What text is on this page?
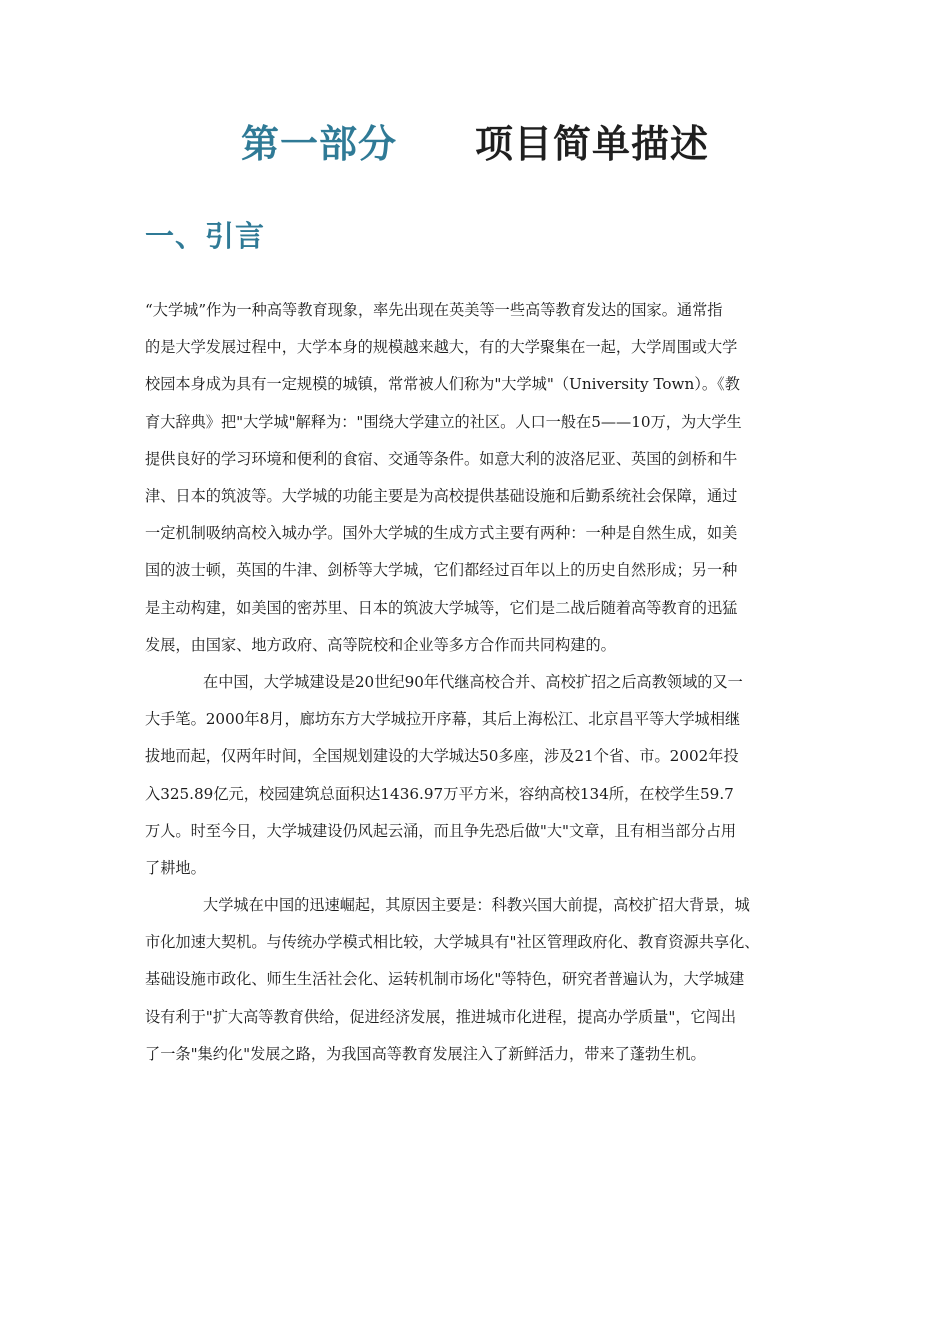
第一部分 项目简单描述
一、引言
“大学城”作为一种高等教育现象，率先出现在英美等一些高等教育发达的国家。通常指
的是大学发展过程中，大学本身的规模越来越大，有的大学聚集在一起，大学周围或大学
校园本身成为具有一定规模的城镇，常常被人们称为"大学城"（University Town）。《教
育大辞典》把"大学城"解释为："围绕大学建立的社区。人口一般在5——10万，为大学生
提供良好的学习环境和便利的食宿、交通等条件。如意大利的波洛尼亚、英国的剑桥和牛
津、日本的筑波等。大学城的功能主要是为高校提供基础设施和后勤系统社会保障，通过
一定机制吸纳高校入城办学。国外大学城的生成方式主要有两种：一种是自然生成，如美
国的波士顿，英国的牛津、剑桥等大学城，它们都经过百年以上的历史自然形成；另一种
是主动构建，如美国的密苏里、日本的筑波大学城等，它们是二战后随着高等教育的迅猛
发展，由国家、地方政府、高等院校和企业等多方合作而共同构建的。
在中国，大学城建设是20世纪90年代继高校合并、高校扩招之后高教领域的又一
大手笔。2000年8月，廊坊东方大学城拉开序幕，其后上海松江、北京昌平等大学城相继
拔地而起，仅两年时间，全国规划建设的大学城达50多座，涉及21个省、市。2002年投
入325.89亿元，校园建筑总面积达1436.97万平方米，容纳高校134所，在校学生59.7
万人。时至今日，大学城建设仍风起云涌，而且争先恐后做"大"文章，且有相当部分占用
了耕地。
大学城在中国的迅速崛起，其原因主要是：科教兴国大前提，高校扩招大背景，城
市化加速大契机。与传统办学模式相比较，大学城具有"社区管理政府化、教育资源共享化、
基础设施市政化、师生生活社会化、运转机制市场化"等特色，研究者普遍认为，大学城建
设有利于"扩大高等教育供给，促进经济发展，推进城市化进程，提高办学质量"，它闯出
了一条"集约化"发展之路，为我国高等教育发展注入了新鲜活力，带来了蓬勃生机。
